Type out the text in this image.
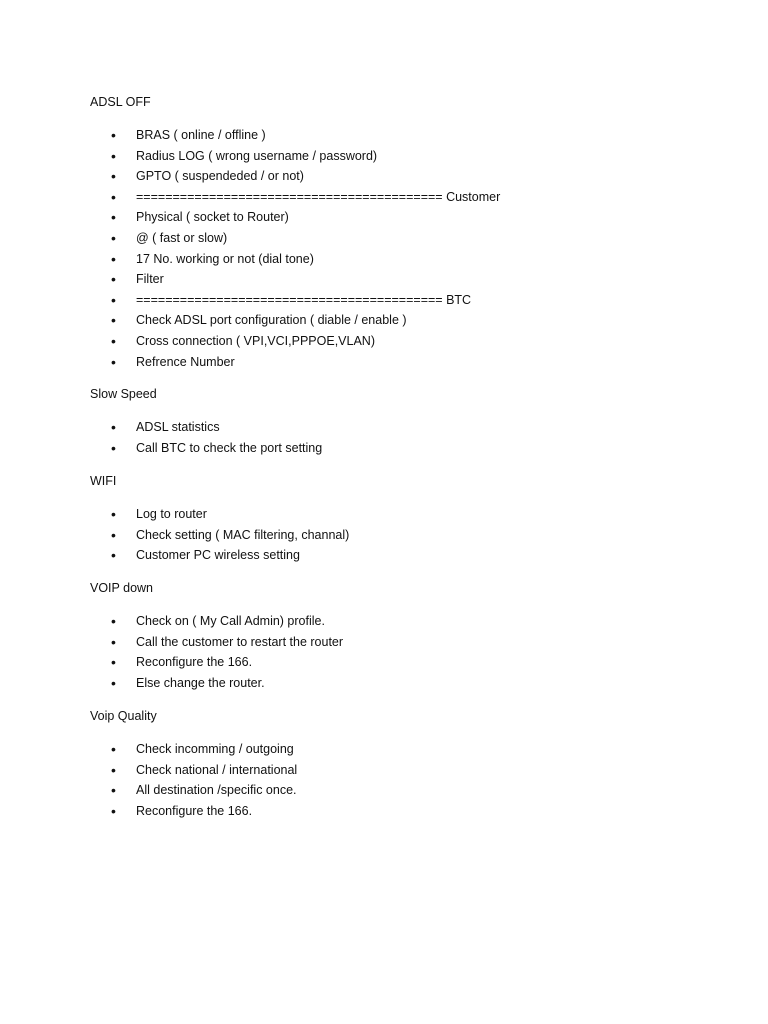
ADSL OFF
• BRAS ( online / offline )
• Radius LOG ( wrong username / password)
• GPTO ( suspendeded / or not)
• ========================================== Customer
• Physical ( socket to Router)
• @ ( fast or slow)
• 17 No. working or not (dial tone)
• Filter
• ========================================== BTC
• Check ADSL port configuration ( diable / enable )
• Cross connection ( VPI,VCI,PPPOE,VLAN)
• Refrence Number
Slow Speed
• ADSL statistics
• Call BTC to check the port setting
WIFI
• Log to router
• Check setting ( MAC filtering, channal)
• Customer PC wireless setting
VOIP down
• Check on ( My Call Admin) profile.
• Call the customer to restart the router
• Reconfigure the 166.
• Else change the router.
Voip Quality
• Check incomming / outgoing
• Check national / international
• All destination /specific once.
• Reconfigure the 166.
